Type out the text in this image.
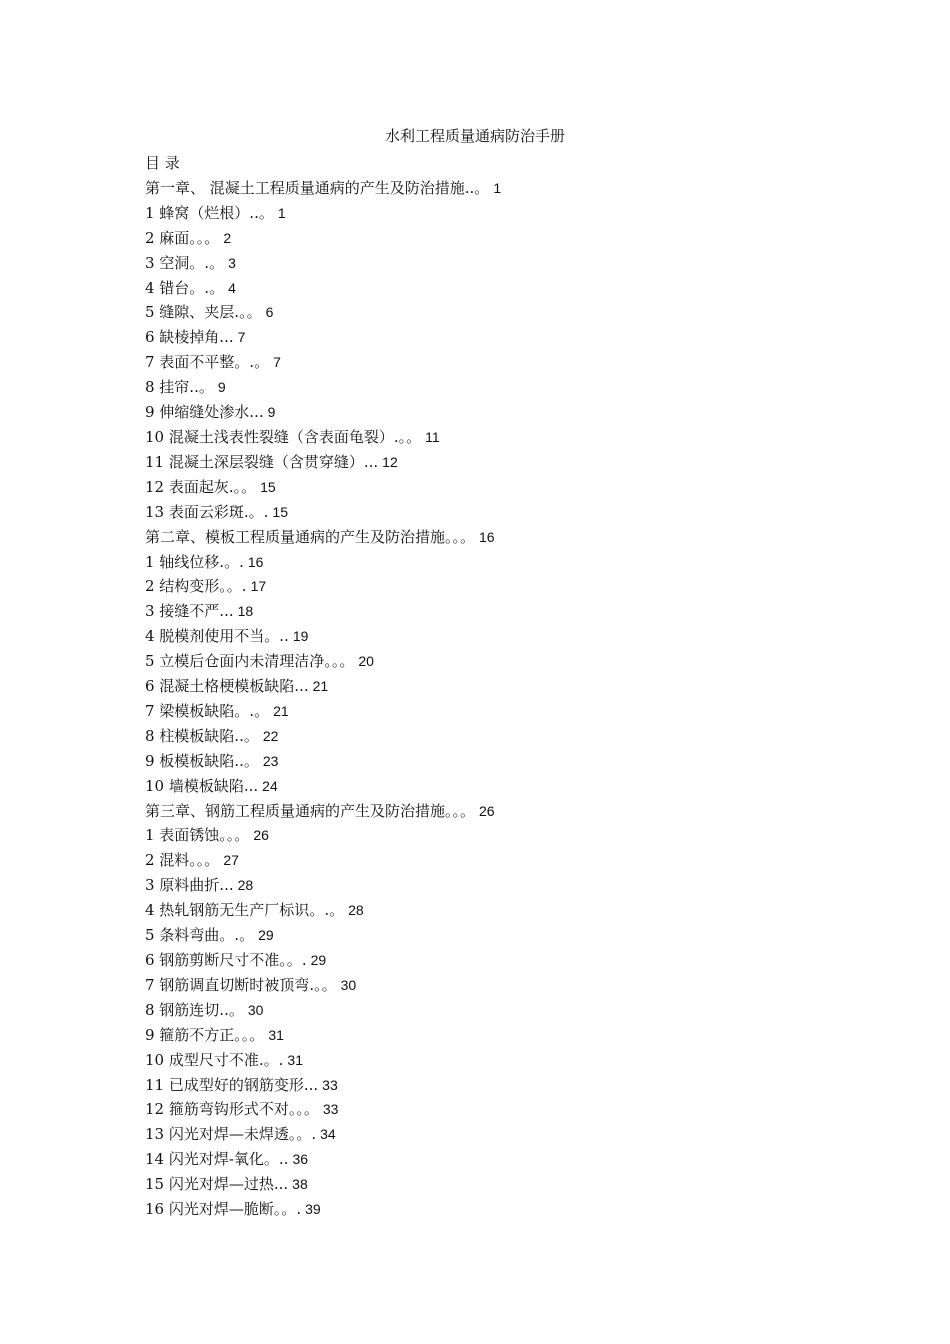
水利工程质量通病防治手册
目 录
第一章、 混凝土工程质量通病的产生及防治措施..。 1
1 蜂窝（烂根）..。 1
2 麻面。。。 2
3 空洞。.。 3
4 错台。.。 4
5 缝隙、夹层.。。 6
6 缺棱掉角... 7
7 表面不平整。.。 7
8 挂帘..。 9
9 伸缩缝处渗水... 9
10 混凝土浅表性裂缝（含表面龟裂）.。。 11
11 混凝土深层裂缝（含贯穿缝）... 12
12 表面起灰.。。 15
13 表面云彩斑.。. 15
第二章、模板工程质量通病的产生及防治措施。。。 16
1 轴线位移.。. 16
2 结构变形。。. 17
3 接缝不严... 18
4 脱模剂使用不当。.. 19
5 立模后仓面内未清理洁净。。。 20
6 混凝土格梗模板缺陷... 21
7 梁模板缺陷。.。 21
8 柱模板缺陷..。 22
9 板模板缺陷..。 23
10 墙模板缺陷... 24
第三章、钢筋工程质量通病的产生及防治措施。。。 26
1 表面锈蚀。。。 26
2 混料。。。 27
3 原料曲折... 28
4 热轧钢筋无生产厂标识。.。 28
5 条料弯曲。.。 29
6 钢筋剪断尺寸不准。。. 29
7 钢筋调直切断时被顶弯.。。 30
8 钢筋连切..。 30
9 箍筋不方正。。。 31
10 成型尺寸不准.。. 31
11 已成型好的钢筋变形... 33
12 箍筋弯钩形式不对。。。 33
13 闪光对焊—未焊透。。. 34
14 闪光对焊-氧化。.. 36
15 闪光对焊—过热... 38
16 闪光对焊—脆断。。. 39
